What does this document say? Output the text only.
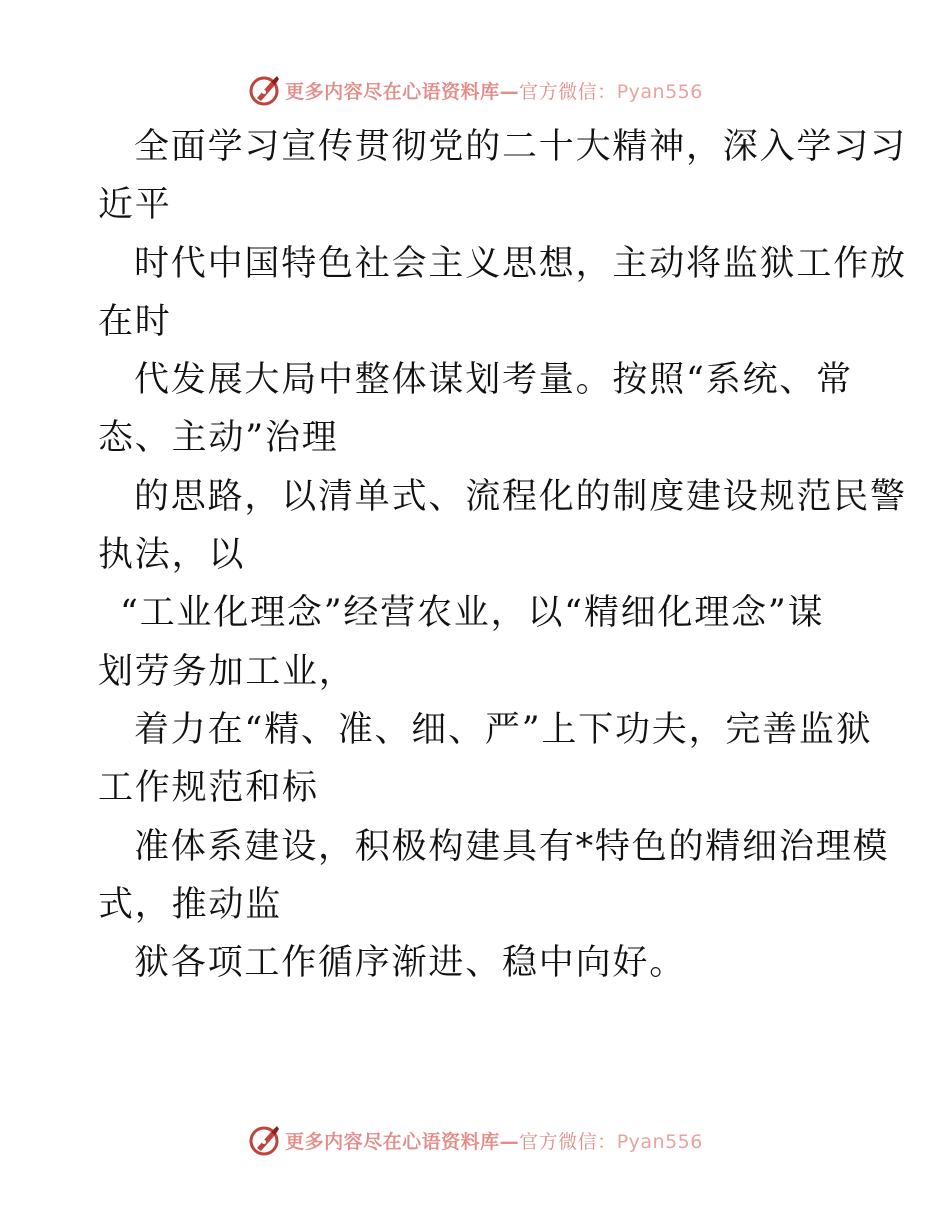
更多内容尽在心语资料库—官方微信：Pyan556
全面学习宣传贯彻党的二十大精神，深入学习习
近平
时代中国特色社会主义思想，主动将监狱工作放
在时
代发展大局中整体谋划考量。按照“系统、常
态、主动”治理
的思路，以清单式、流程化的制度建设规范民警
执法，以
“工业化理念”经营农业，以“精细化理念”谋
划劳务加工业，
着力在“精、准、细、严”上下功夫，完善监狱
工作规范和标
准体系建设，积极构建具有*特色的精细治理模
式，推动监
狱各项工作循序渐进、稳中向好。
更多内容尽在心语资料库—官方微信：Pyan556
